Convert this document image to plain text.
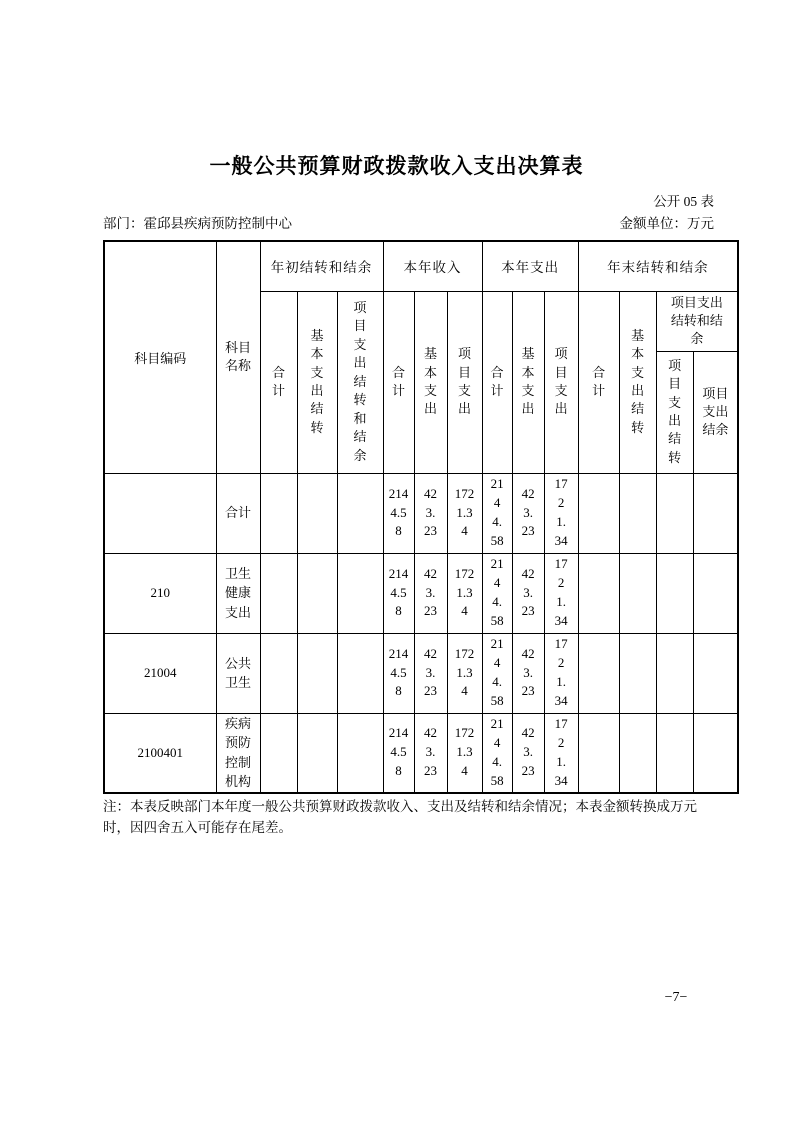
一般公共预算财政拨款收入支出决算表
公开 05 表
部门：霍邱县疾病预防控制中心	金额单位：万元
科目编码	科目名称	年初结转和结余			本年收入			本年支出			年末结转和结余			

		合计	基本支出结转	项目支出结转和结余	合计	基本支出	项目支出	合计	基本支出	项目支出	合计	基本支出结转	项目支出结转和结余	

													项目支出结转	项目支出结余

	合计				2144.58	423.23	1721.34	2144.58	423.23	1721.34				

210	卫生健康支出				2144.58	423.23	1721.34	2144.58	423.23	1721.34				

21004	公共卫生				2144.58	423.23	1721.34	2144.58	423.23	1721.34				

2100401	疾病预防控制机构				2144.58	423.23	1721.34	2144.58	423.23	1721.34				

注：本表反映部门本年度一般公共预算财政拨款收入、支出及结转和结余情况；本表金额转换成万元时，因四舍五入可能存在尾差。
−7−
